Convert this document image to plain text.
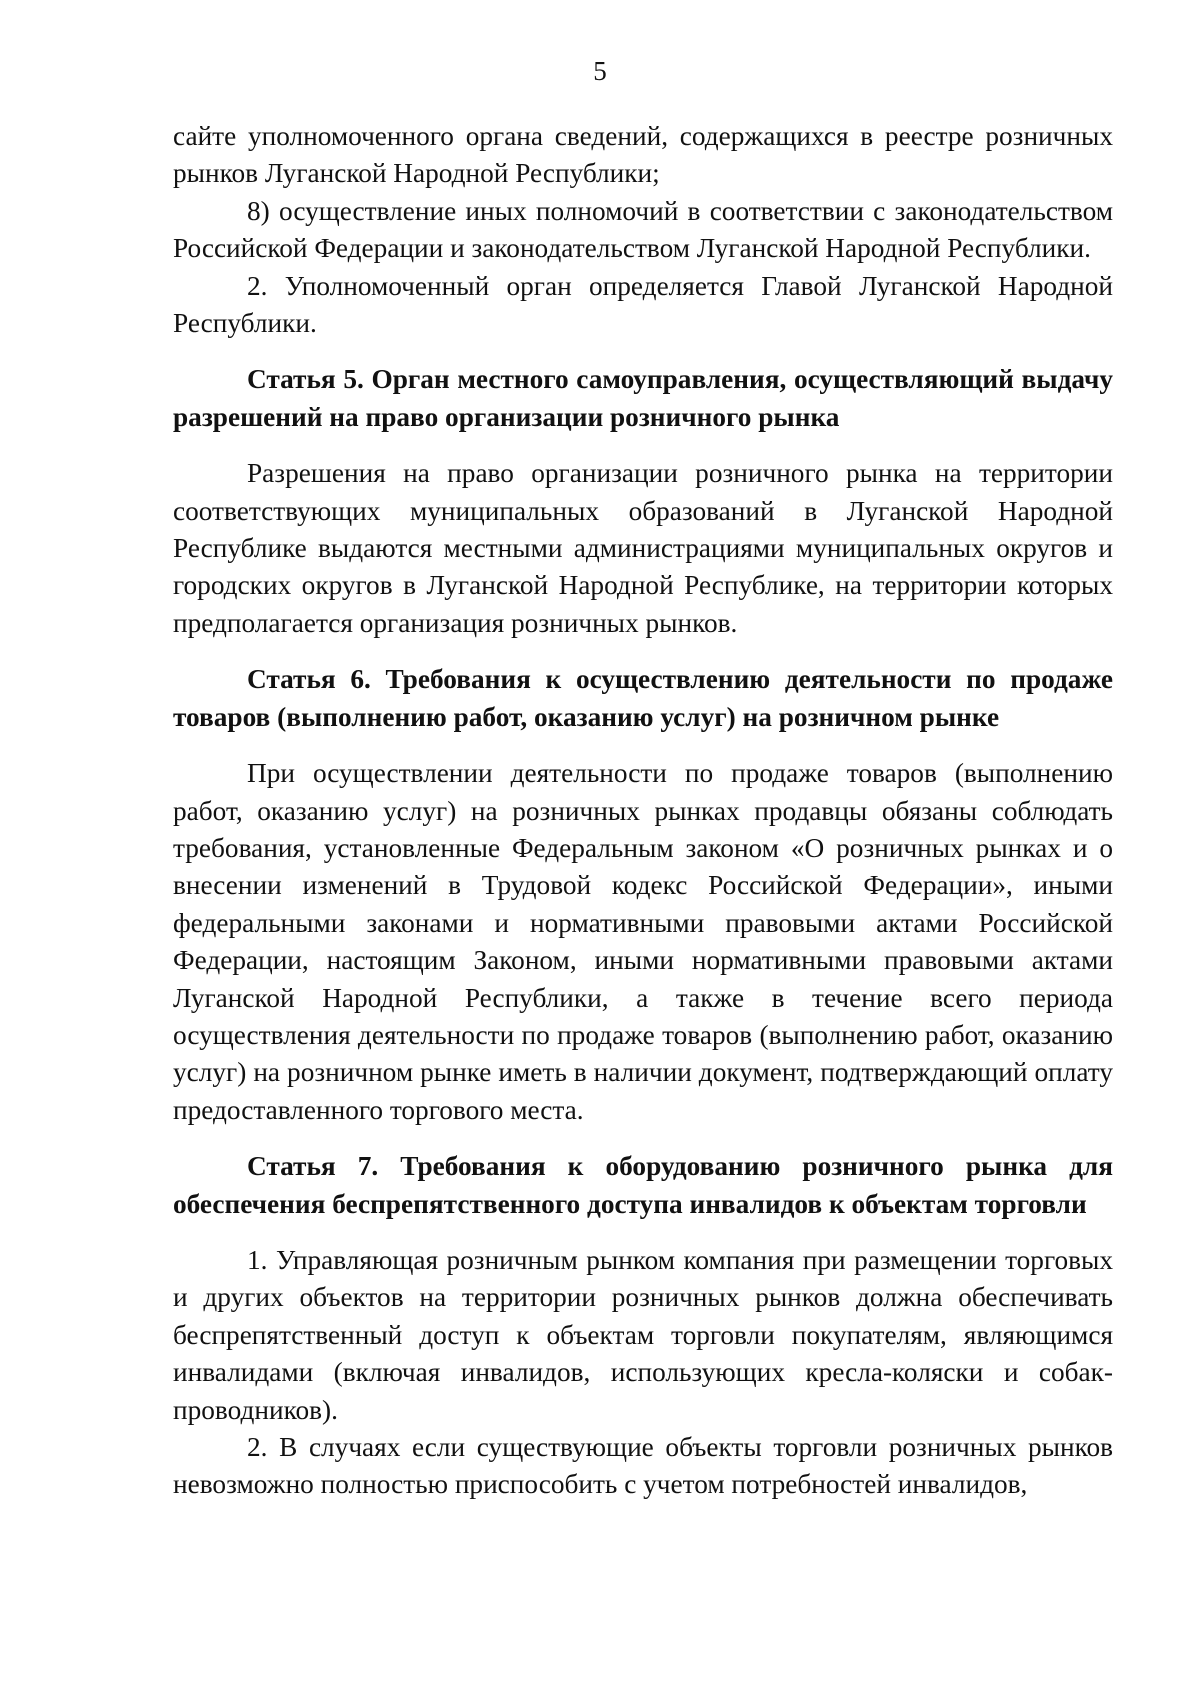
5

сайте уполномоченного органа сведений, содержащихся в реестре розничных рынков Луганской Народной Республики;

8) осуществление иных полномочий в соответствии с законодательством Российской Федерации и законодательством Луганской Народной Республики.

2. Уполномоченный орган определяется Главой Луганской Народной Республики.

Статья 5. Орган местного самоуправления, осуществляющий выдачу разрешений на право организации розничного рынка

Разрешения на право организации розничного рынка на территории соответствующих муниципальных образований в Луганской Народной Республике выдаются местными администрациями муниципальных округов и городских округов в Луганской Народной Республике, на территории которых предполагается организация розничных рынков.

Статья 6. Требования к осуществлению деятельности по продаже товаров (выполнению работ, оказанию услуг) на розничном рынке

При осуществлении деятельности по продаже товаров (выполнению работ, оказанию услуг) на розничных рынках продавцы обязаны соблюдать требования, установленные Федеральным законом «О розничных рынках и о внесении изменений в Трудовой кодекс Российской Федерации», иными федеральными законами и нормативными правовыми актами Российской Федерации, настоящим Законом, иными нормативными правовыми актами Луганской Народной Республики, а также в течение всего периода осуществления деятельности по продаже товаров (выполнению работ, оказанию услуг) на розничном рынке иметь в наличии документ, подтверждающий оплату предоставленного торгового места.

Статья 7. Требования к оборудованию розничного рынка для обеспечения беспрепятственного доступа инвалидов к объектам торговли

1. Управляющая розничным рынком компания при размещении торговых и других объектов на территории розничных рынков должна обеспечивать беспрепятственный доступ к объектам торговли покупателям, являющимся инвалидами (включая инвалидов, использующих кресла-коляски и собак-проводников).

2. В случаях если существующие объекты торговли розничных рынков невозможно полностью приспособить с учетом потребностей инвалидов,
